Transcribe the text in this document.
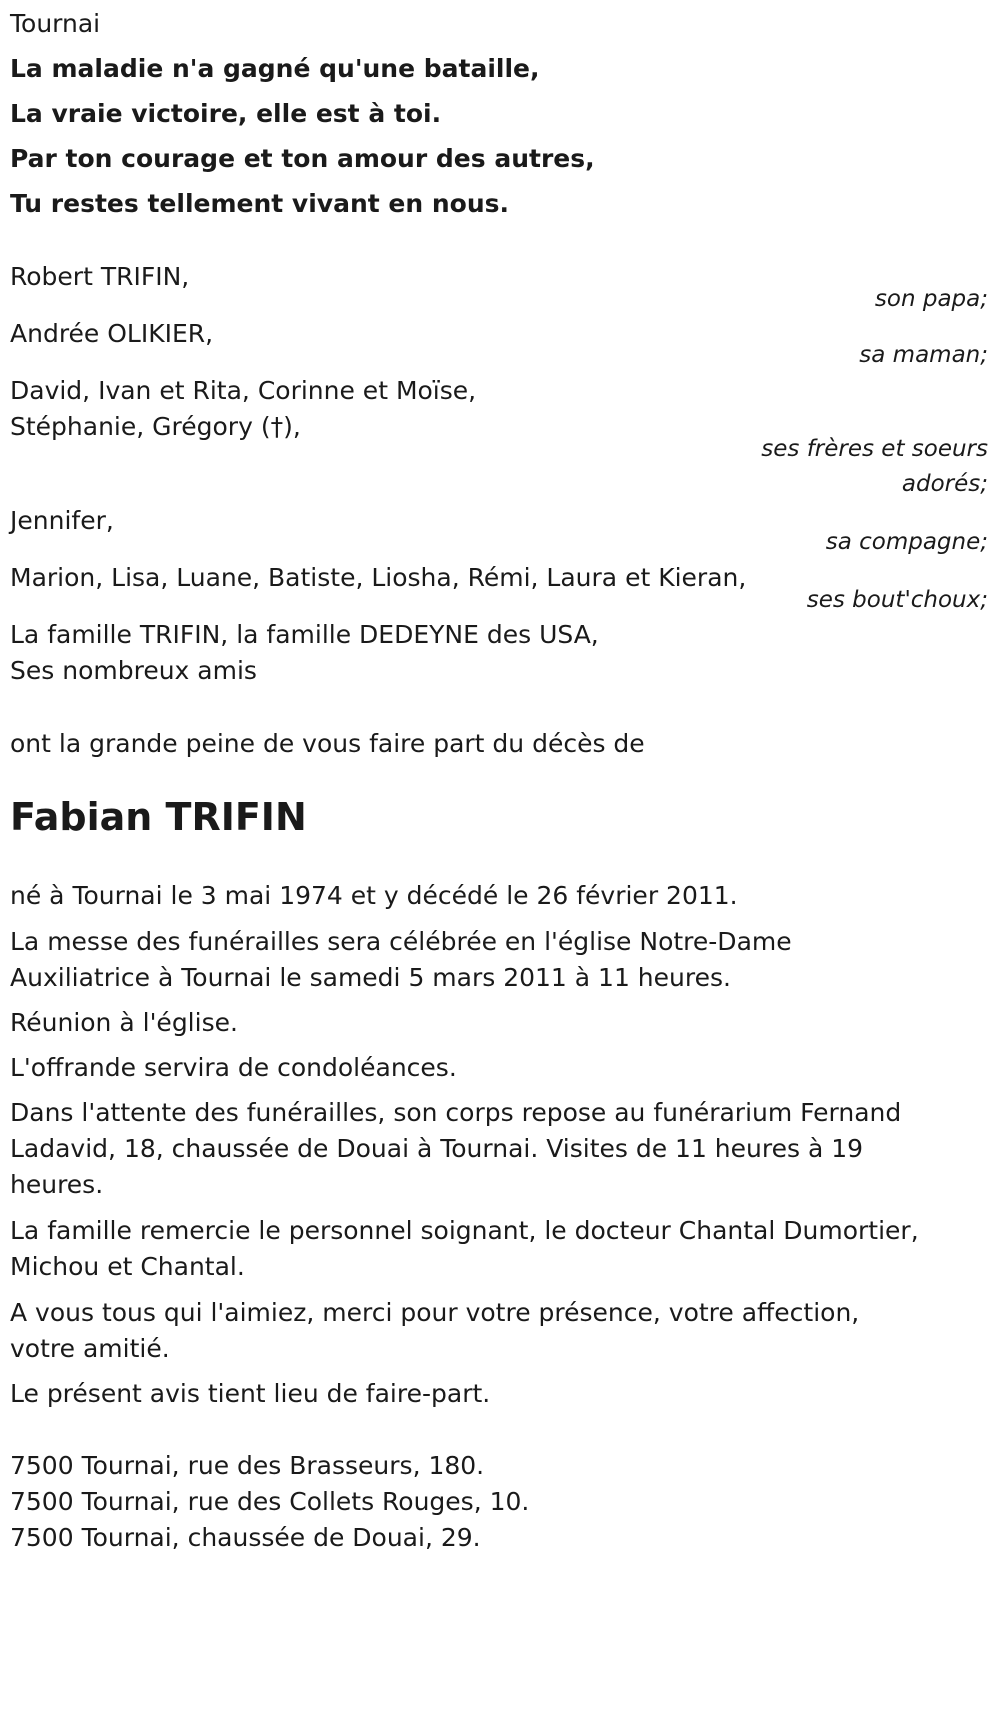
Tournai
La maladie n'a gagné qu'une bataille,
La vraie victoire, elle est à toi.
Par ton courage et ton amour des autres,
Tu restes tellement vivant en nous.
Robert TRIFIN,
son papa;
Andrée OLIKIER,
sa maman;
David, Ivan et Rita, Corinne et Moïse,
Stéphanie, Grégory (†),
ses frères et soeurs
adorés;
Jennifer,
sa compagne;
Marion, Lisa, Luane, Batiste, Liosha, Rémi, Laura et Kieran,
ses bout'choux;
La famille TRIFIN, la famille DEDEYNE des USA,
Ses nombreux amis
ont la grande peine de vous faire part du décès de
Fabian TRIFIN
né à Tournai le 3 mai 1974 et y décédé le 26 février 2011.
La messe des funérailles sera célébrée en l'église Notre-Dame
Auxiliatrice à Tournai le samedi 5 mars 2011 à 11 heures.
Réunion à l'église.
L'offrande servira de condoléances.
Dans l'attente des funérailles, son corps repose au funérarium Fernand
Ladavid, 18, chaussée de Douai à Tournai. Visites de 11 heures à 19
heures.
La famille remercie le personnel soignant, le docteur Chantal Dumortier,
Michou et Chantal.
A vous tous qui l'aimiez, merci pour votre présence, votre affection,
votre amitié.
Le présent avis tient lieu de faire-part.
7500 Tournai, rue des Brasseurs, 180.
7500 Tournai, rue des Collets Rouges, 10.
7500 Tournai, chaussée de Douai, 29.
